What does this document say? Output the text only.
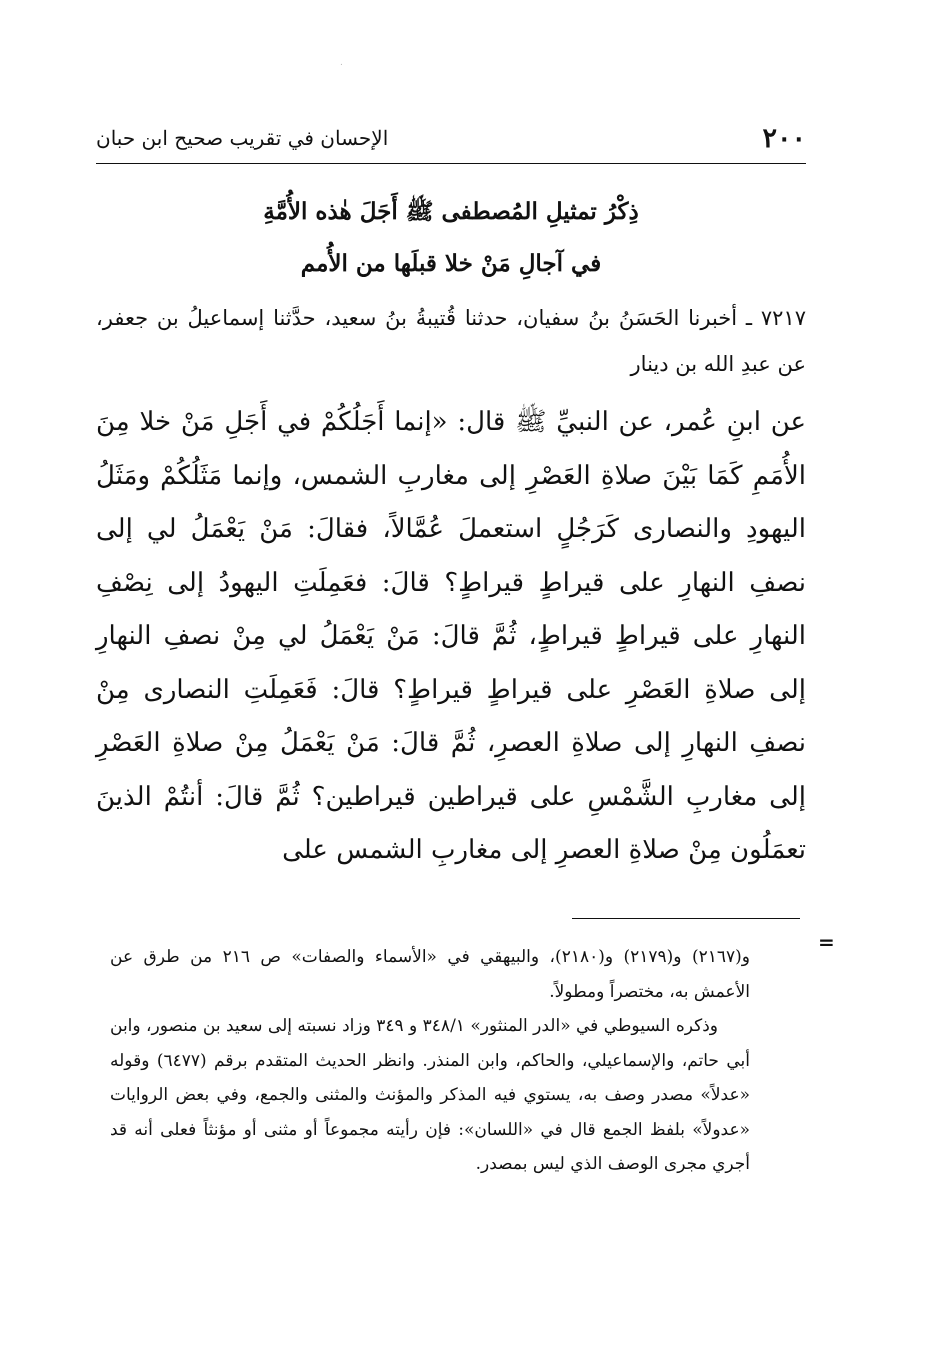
.
٢٠٠
الإحسان في تقريب صحيح ابن حبان
ذِكْرُ تمثيلِ المُصطفى ﷺ أَجَلَ هٰذه الأُمَّةِ
في آجالِ مَنْ خلا قبلَها من الأُمم
٧٢١٧ ـ أخبرنا الحَسَنُ بنُ سفيان، حدثنا قُتيبةُ بنُ سعيد، حدَّثنا إسماعيلُ بن جعفر، عن عبدِ الله بن دينار
عن ابنِ عُمر، عن النبيِّ ﷺ قال: «إنما أَجَلُكُمْ في أَجَلِ مَنْ خلا مِنَ الأُمَمِ كَمَا بَيْنَ صلاةِ العَصْرِ إلى مغاربِ الشمس، وإنما مَثَلُكُمْ ومَثَلُ اليهودِ والنصارى كَرَجُلٍ استعملَ عُمَّالاً، فقالَ: مَنْ يَعْمَلُ لي إلى نصفِ النهارِ على قيراطٍ قيراطٍ؟ قالَ: فعَمِلَتِ اليهودُ إلى نِصْفِ النهارِ على قيراطٍ قيراطٍ، ثُمَّ قالَ: مَنْ يَعْمَلُ لي مِنْ نصفِ النهارِ إلى صلاةِ العَصْرِ على قيراطٍ قيراطٍ؟ قالَ: فَعَمِلَتِ النصارى مِنْ نصفِ النهارِ إلى صلاةِ العصرِ، ثُمَّ قالَ: مَنْ يَعْمَلُ مِنْ صلاةِ العَصْرِ إلى مغاربِ الشَّمْسِ على قيراطين قيراطين؟ ثُمَّ قالَ: أنتُمْ الذينَ تعمَلُون مِنْ صلاةِ العصرِ إلى مغاربِ الشمس على
=

و(٢١٦٧) و(٢١٧٩) و(٢١٨٠)، والبيهقي في «الأسماء والصفات» ص ٢١٦ من طرق عن الأعمش به، مختصراً ومطولاً.

وذكره السيوطي في «الدر المنثور» ٣٤٨/١ و ٣٤٩ وزاد نسبته إلى سعيد بن منصور، وابن أبي حاتم، والإسماعيلي، والحاكم، وابن المنذر. وانظر الحديث المتقدم برقم (٦٤٧٧) وقوله «عدلاً» مصدر وصف به، يستوي فيه المذكر والمؤنث والمثنى والجمع، وفي بعض الروايات «عدولاً» بلفظ الجمع قال في «اللسان»: فإن رأيته مجموعاً أو مثنى أو مؤنثاً فعلى أنه قد أجري مجرى الوصف الذي ليس بمصدر.
